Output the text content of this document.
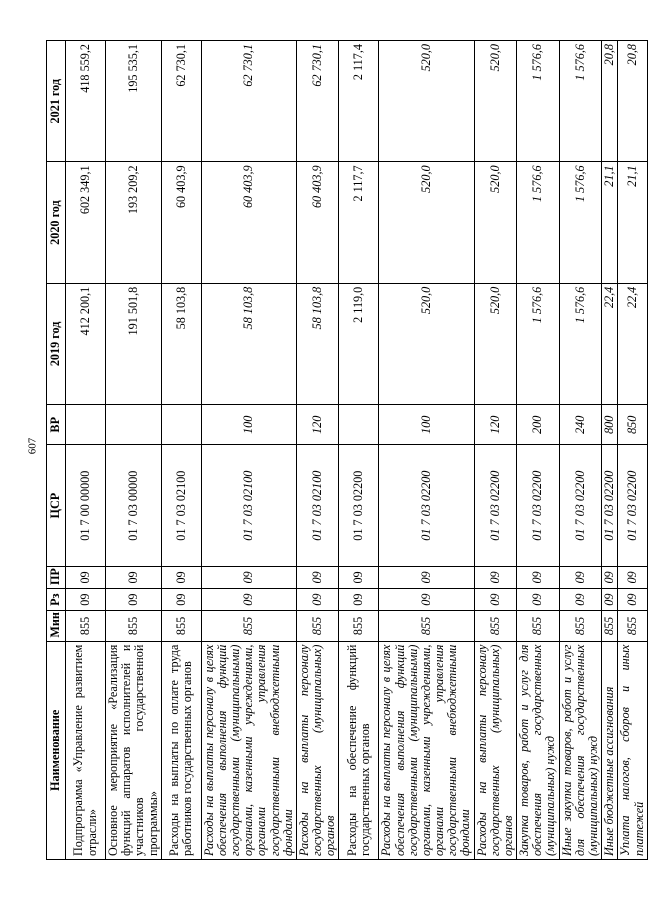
607
Наименование	Мин	Рз	ПР	ЦСР	ВР	2019 год	2020 год	2021 год
Подпрограмма «Управление развитием отрасли»	855	09	09	01 7 00 00000		412 200,1	602 349,1	418 559,2
Основное мероприятие «Реализация функций аппаратов исполнителей и участников государственной программы»	855	09	09	01 7 03 00000		191 501,8	193 209,2	195 535,1
Расходы на выплаты по оплате труда работников государственных органов	855	09	09	01 7 03 02100		58 103,8	60 403,9	62 730,1
Расходы на выплаты персоналу в целях обеспечения выполнения функций государственными (муниципальными) органами, казенными учреждениями, органами управления государственными внебюджетными фондами	855	09	09	01 7 03 02100	100	58 103,8	60 403,9	62 730,1
Расходы на выплаты персоналу государственных (муниципальных) органов	855	09	09	01 7 03 02100	120	58 103,8	60 403,9	62 730,1
Расходы на обеспечение функций государственных органов	855	09	09	01 7 03 02200		2 119,0	2 117,7	2 117,4
Расходы на выплаты персоналу в целях обеспечения выполнения функций государственными (муниципальными) органами, казенными учреждениями, органами управления государственными внебюджетными фондами	855	09	09	01 7 03 02200	100	520,0	520,0	520,0
Расходы на выплаты персоналу государственных (муниципальных) органов	855	09	09	01 7 03 02200	120	520,0	520,0	520,0
Закупка товаров, работ и услуг для обеспечения государственных (муниципальных) нужд	855	09	09	01 7 03 02200	200	1 576,6	1 576,6	1 576,6
Иные закупки товаров, работ и услуг для обеспечения государственных (муниципальных) нужд	855	09	09	01 7 03 02200	240	1 576,6	1 576,6	1 576,6
Иные бюджетные ассигнования	855	09	09	01 7 03 02200	800	22,4	21,1	20,8
Уплата налогов, сборов и иных платежей	855	09	09	01 7 03 02200	850	22,4	21,1	20,8
